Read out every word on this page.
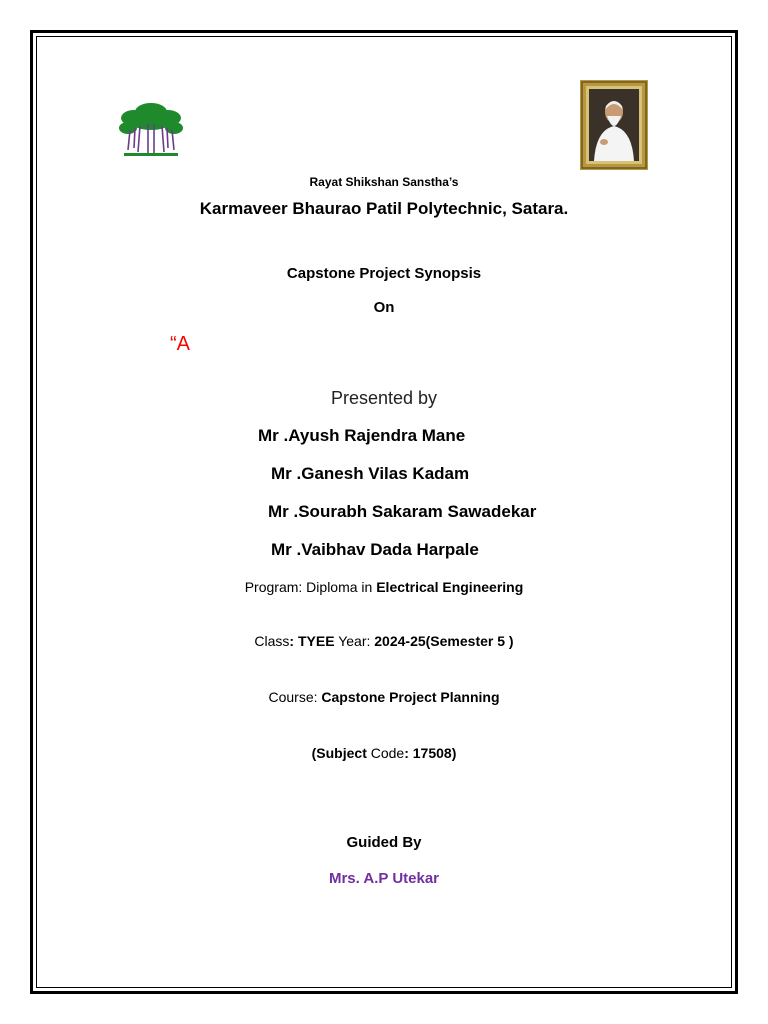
Rayat Shikshan Sanstha’s
Karmaveer Bhaurao Patil Polytechnic, Satara.
Capstone Project Synopsis
On
“A
Presented by
Mr .Ayush Rajendra Mane
Mr .Ganesh Vilas Kadam
Mr .Sourabh Sakaram Sawadekar
Mr .Vaibhav Dada Harpale
Program: Diploma in Electrical Engineering
Class: TYEE Year: 2024-25(Semester 5 )
Course: Capstone Project Planning
(Subject Code: 17508)
Guided By
Mrs. A.P Utekar
